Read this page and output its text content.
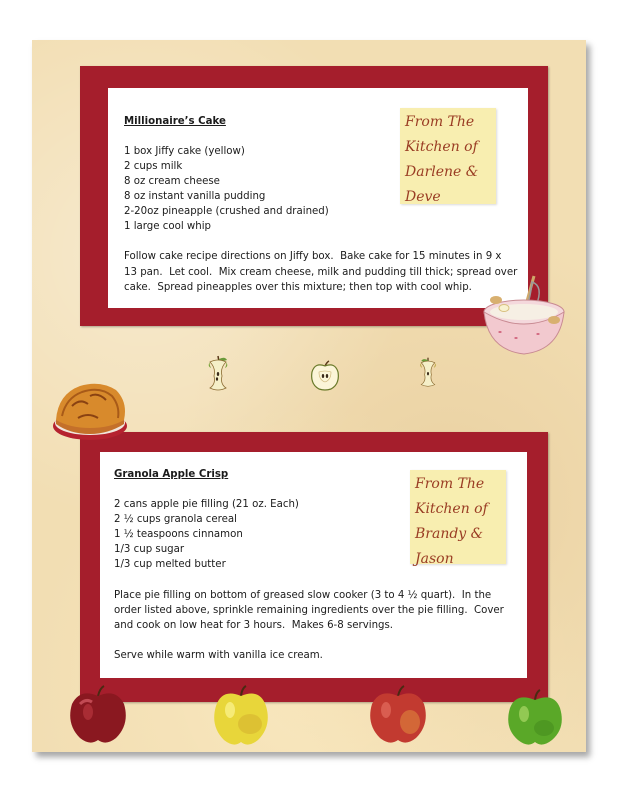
Millionaire’s Cake

1 box Jiffy cake (yellow)

2 cups milk

8 oz cream cheese

8 oz instant vanilla pudding

2-20oz pineapple (crushed and drained)

1 large cool whip

Follow cake recipe directions on Jiffy box.  Bake cake for 15 minutes in 9 x

13 pan.  Let cool.  Mix cream cheese, milk and pudding till thick; spread over

cake.  Spread pineapples over this mixture; then top with cool whip.

From The
Kitchen of
Darlene &
Deve

Granola Apple Crisp

2 cans apple pie filling (21 oz. Each)

2 ½ cups granola cereal

1 ½ teaspoons cinnamon

1/3 cup sugar

1/3 cup melted butter

Place pie filling on bottom of greased slow cooker (3 to 4 ½ quart).  In the

order listed above, sprinkle remaining ingredients over the pie filling.  Cover

and cook on low heat for 3 hours.  Makes 6-8 servings.

Serve while warm with vanilla ice cream.

From The
Kitchen of
Brandy &
Jason
